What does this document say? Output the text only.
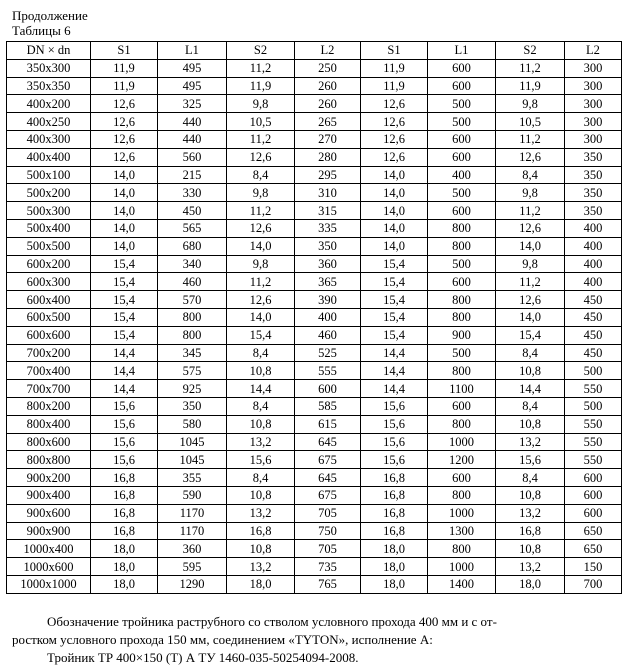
Продолжение
Таблицы 6
DN × dn	S1	L1	S2	L2	S1	L1	S2	L2
350х300	11,9	495	11,2	250	11,9	600	11,2	300
350х350	11,9	495	11,9	260	11,9	600	11,9	300
400х200	12,6	325	9,8	260	12,6	500	9,8	300
400х250	12,6	440	10,5	265	12,6	500	10,5	300
400х300	12,6	440	11,2	270	12,6	600	11,2	300
400х400	12,6	560	12,6	280	12,6	600	12,6	350
500х100	14,0	215	8,4	295	14,0	400	8,4	350
500х200	14,0	330	9,8	310	14,0	500	9,8	350
500х300	14,0	450	11,2	315	14,0	600	11,2	350
500х400	14,0	565	12,6	335	14,0	800	12,6	400
500х500	14,0	680	14,0	350	14,0	800	14,0	400
600х200	15,4	340	9,8	360	15,4	500	9,8	400
600х300	15,4	460	11,2	365	15,4	600	11,2	400
600х400	15,4	570	12,6	390	15,4	800	12,6	450
600х500	15,4	800	14,0	400	15,4	800	14,0	450
600х600	15,4	800	15,4	460	15,4	900	15,4	450
700х200	14,4	345	8,4	525	14,4	500	8,4	450
700х400	14,4	575	10,8	555	14,4	800	10,8	500
700х700	14,4	925	14,4	600	14,4	1100	14,4	550
800х200	15,6	350	8,4	585	15,6	600	8,4	500
800х400	15,6	580	10,8	615	15,6	800	10,8	550
800х600	15,6	1045	13,2	645	15,6	1000	13,2	550
800х800	15,6	1045	15,6	675	15,6	1200	15,6	550
900х200	16,8	355	8,4	645	16,8	600	8,4	600
900х400	16,8	590	10,8	675	16,8	800	10,8	600
900х600	16,8	1170	13,2	705	16,8	1000	13,2	600
900х900	16,8	1170	16,8	750	16,8	1300	16,8	650
1000х400	18,0	360	10,8	705	18,0	800	10,8	650
1000х600	18,0	595	13,2	735	18,0	1000	13,2	150
1000х1000	18,0	1290	18,0	765	18,0	1400	18,0	700
Обозначение тройника раструбного со стволом условного прохода 400 мм и с от-
ростком условного прохода 150 мм, соединением «TYTON», исполнение А:
Тройник ТР 400×150 (Т) А ТУ 1460-035-50254094-2008.
